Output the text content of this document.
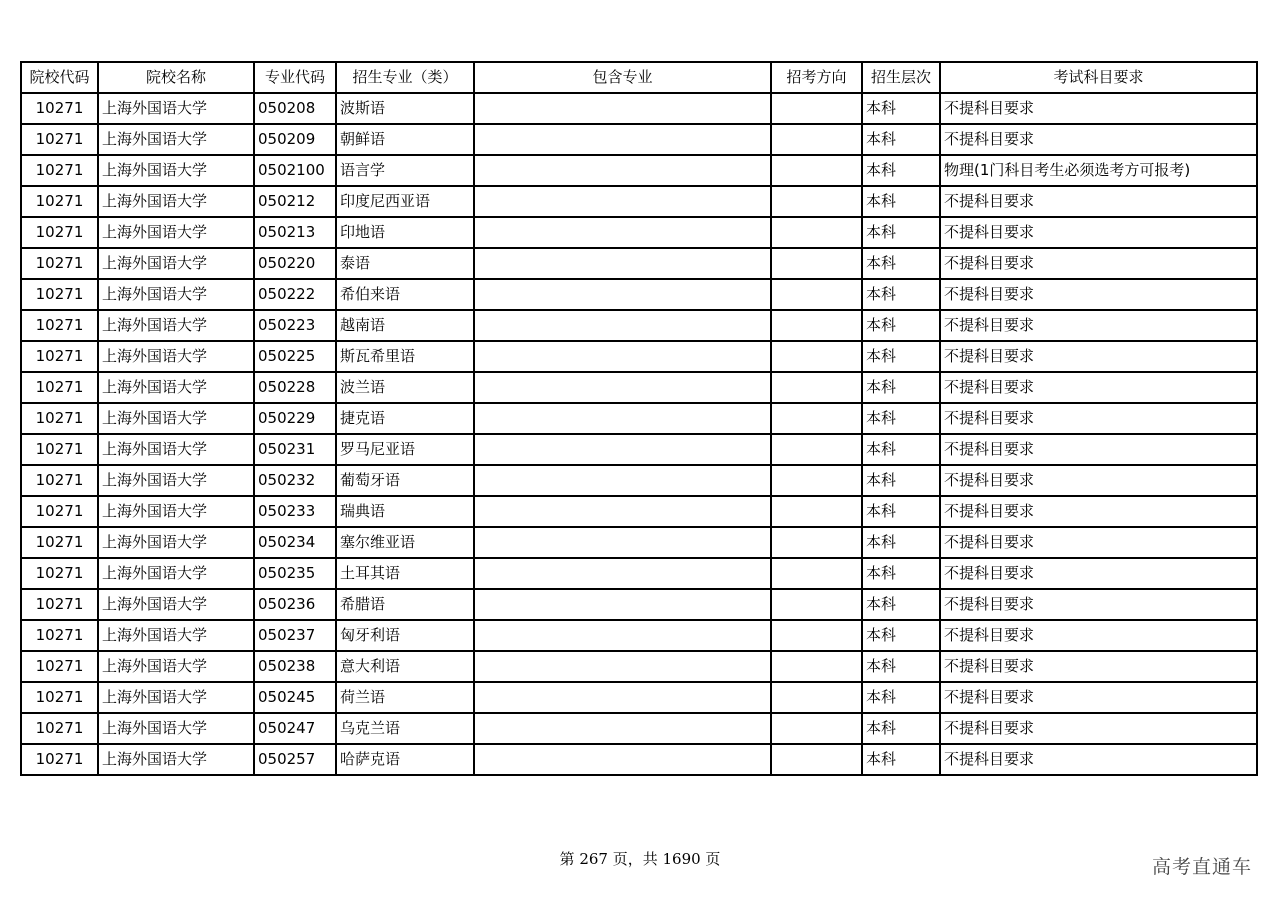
院校代码	院校名称	专业代码	招生专业（类）	包含专业	招考方向	招生层次	考试科目要求
10271	上海外国语大学	050208	波斯语			本科	不提科目要求
10271	上海外国语大学	050209	朝鲜语			本科	不提科目要求
10271	上海外国语大学	0502100	语言学			本科	物理(1门科目考生必须选考方可报考)
10271	上海外国语大学	050212	印度尼西亚语			本科	不提科目要求
10271	上海外国语大学	050213	印地语			本科	不提科目要求
10271	上海外国语大学	050220	泰语			本科	不提科目要求
10271	上海外国语大学	050222	希伯来语			本科	不提科目要求
10271	上海外国语大学	050223	越南语			本科	不提科目要求
10271	上海外国语大学	050225	斯瓦希里语			本科	不提科目要求
10271	上海外国语大学	050228	波兰语			本科	不提科目要求
10271	上海外国语大学	050229	捷克语			本科	不提科目要求
10271	上海外国语大学	050231	罗马尼亚语			本科	不提科目要求
10271	上海外国语大学	050232	葡萄牙语			本科	不提科目要求
10271	上海外国语大学	050233	瑞典语			本科	不提科目要求
10271	上海外国语大学	050234	塞尔维亚语			本科	不提科目要求
10271	上海外国语大学	050235	土耳其语			本科	不提科目要求
10271	上海外国语大学	050236	希腊语			本科	不提科目要求
10271	上海外国语大学	050237	匈牙利语			本科	不提科目要求
10271	上海外国语大学	050238	意大利语			本科	不提科目要求
10271	上海外国语大学	050245	荷兰语			本科	不提科目要求
10271	上海外国语大学	050247	乌克兰语			本科	不提科目要求
10271	上海外国语大学	050257	哈萨克语			本科	不提科目要求
第 267 页，共 1690 页	高考直通车
